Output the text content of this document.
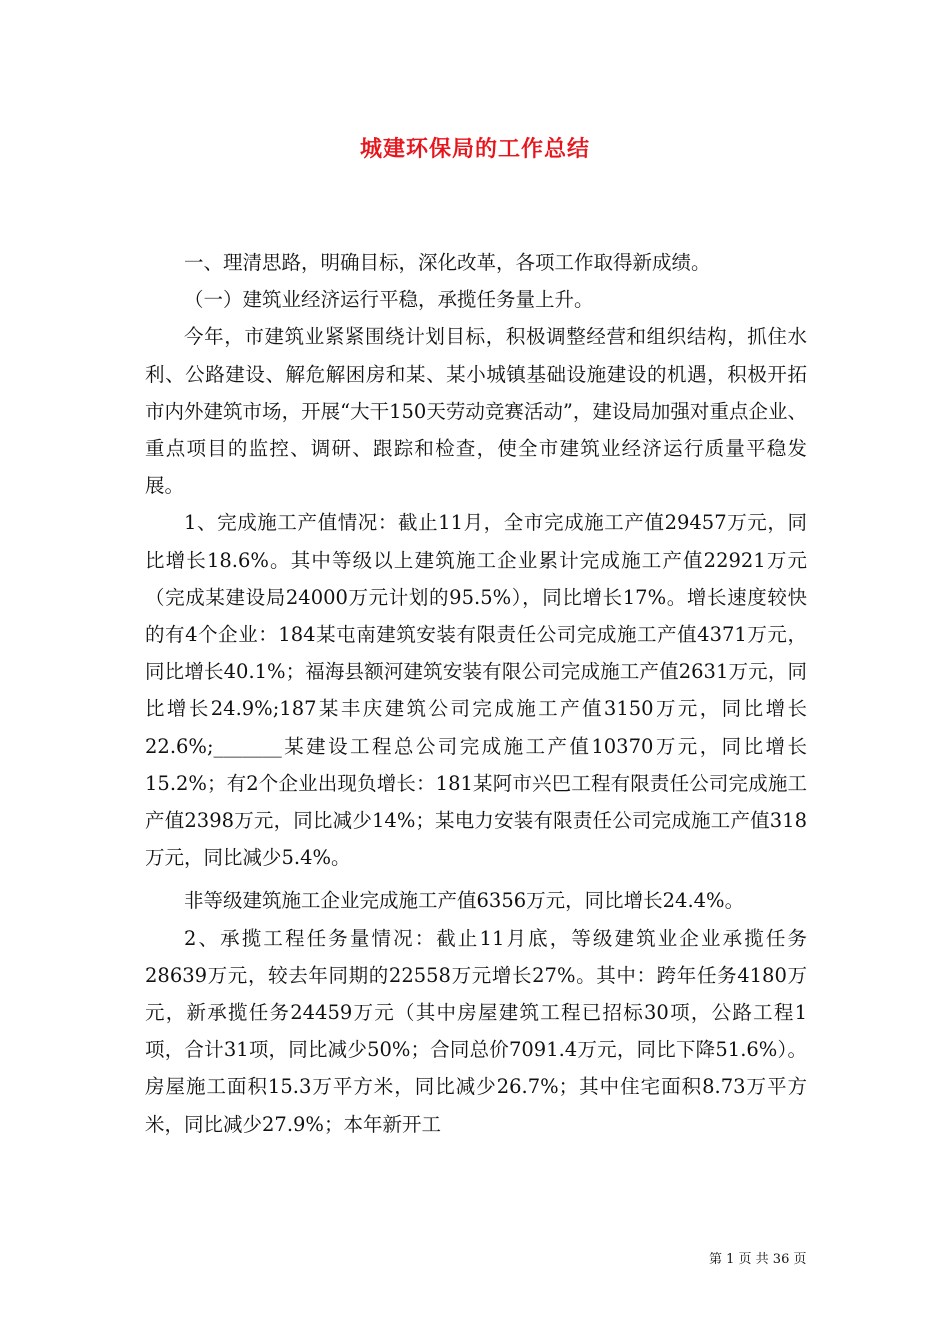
城建环保局的工作总结

一、理清思路，明确目标，深化改革，各项工作取得新成绩。

（一）建筑业经济运行平稳，承揽任务量上升。

今年，市建筑业紧紧围绕计划目标，积极调整经营和组织结构，抓住水利、公路建设、解危解困房和某、某小城镇基础设施建设的机遇，积极开拓市内外建筑市场，开展“大干150天劳动竞赛活动”，建设局加强对重点企业、重点项目的监控、调研、跟踪和检查，使全市建筑业经济运行质量平稳发展。

1、完成施工产值情况：截止11月，全市完成施工产值29457万元，同比增长18.6%。其中等级以上建筑施工企业累计完成施工产值22921万元（完成某建设局24000万元计划的95.5%），同比增长17%。增长速度较快的有4个企业：184某屯南建筑安装有限责任公司完成施工产值4371万元，同比增长40.1%；福海县额河建筑安装有限公司完成施工产值2631万元，同比增长24.9%;187某丰庆建筑公司完成施工产值3150万元，同比增长22.6%;_______某建设工程总公司完成施工产值10370万元，同比增长15.2%；有2个企业出现负增长：181某阿市兴巴工程有限责任公司完成施工产值2398万元，同比减少14%；某电力安装有限责任公司完成施工产值318万元，同比减少5.4%。

非等级建筑施工企业完成施工产值6356万元，同比增长24.4%。

2、承揽工程任务量情况：截止11月底，等级建筑业企业承揽任务28639万元，较去年同期的22558万元增长27%。其中：跨年任务4180万元，新承揽任务24459万元（其中房屋建筑工程已招标30项，公路工程1项，合计31项，同比减少50%；合同总价7091.4万元，同比下降51.6%）。房屋施工面积15.3万平方米，同比减少26.7%；其中住宅面积8.73万平方米，同比减少27.9%；本年新开工

第 1 页 共 36 页
